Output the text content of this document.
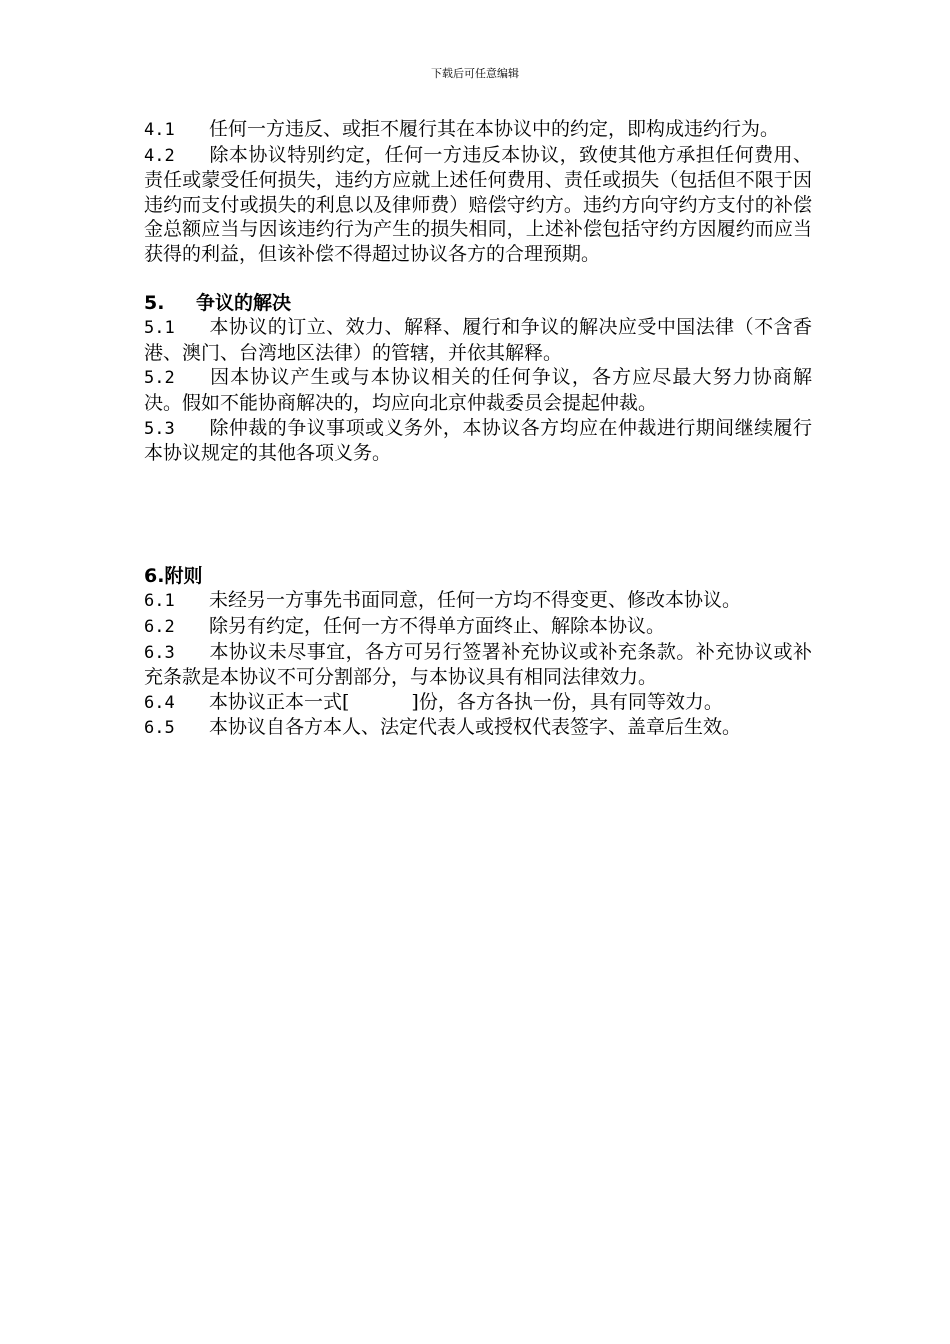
下载后可任意编辑

4.1 任何一方违反、或拒不履行其在本协议中的约定，即构成违约行为。

4.2 除本协议特别约定，任何一方违反本协议，致使其他方承担任何费用、责任或蒙受任何损失，违约方应就上述任何费用、责任或损失（包括但不限于因违约而支付或损失的利息以及律师费）赔偿守约方。违约方向守约方支付的补偿金总额应当与因该违约行为产生的损失相同，上述补偿包括守约方因履约而应当获得的利益，但该补偿不得超过协议各方的合理预期。

5. 争议的解决

5.1 本协议的订立、效力、解释、履行和争议的解决应受中国法律（不含香港、澳门、台湾地区法律）的管辖，并依其解释。

5.2 因本协议产生或与本协议相关的任何争议，各方应尽最大努力协商解决。假如不能协商解决的，均应向北京仲裁委员会提起仲裁。

5.3 除仲裁的争议事项或义务外，本协议各方均应在仲裁进行期间继续履行本协议规定的其他各项义务。

6.附则

6.1 未经另一方事先书面同意，任何一方均不得变更、修改本协议。

6.2 除另有约定，任何一方不得单方面终止、解除本协议。

6.3 本协议未尽事宜，各方可另行签署补充协议或补充条款。补充协议或补充条款是本协议不可分割部分，与本协议具有相同法律效力。

6.4 本协议正本一式[	]份，各方各执一份，具有同等效力。

6.5 本协议自各方本人、法定代表人或授权代表签字、盖章后生效。
